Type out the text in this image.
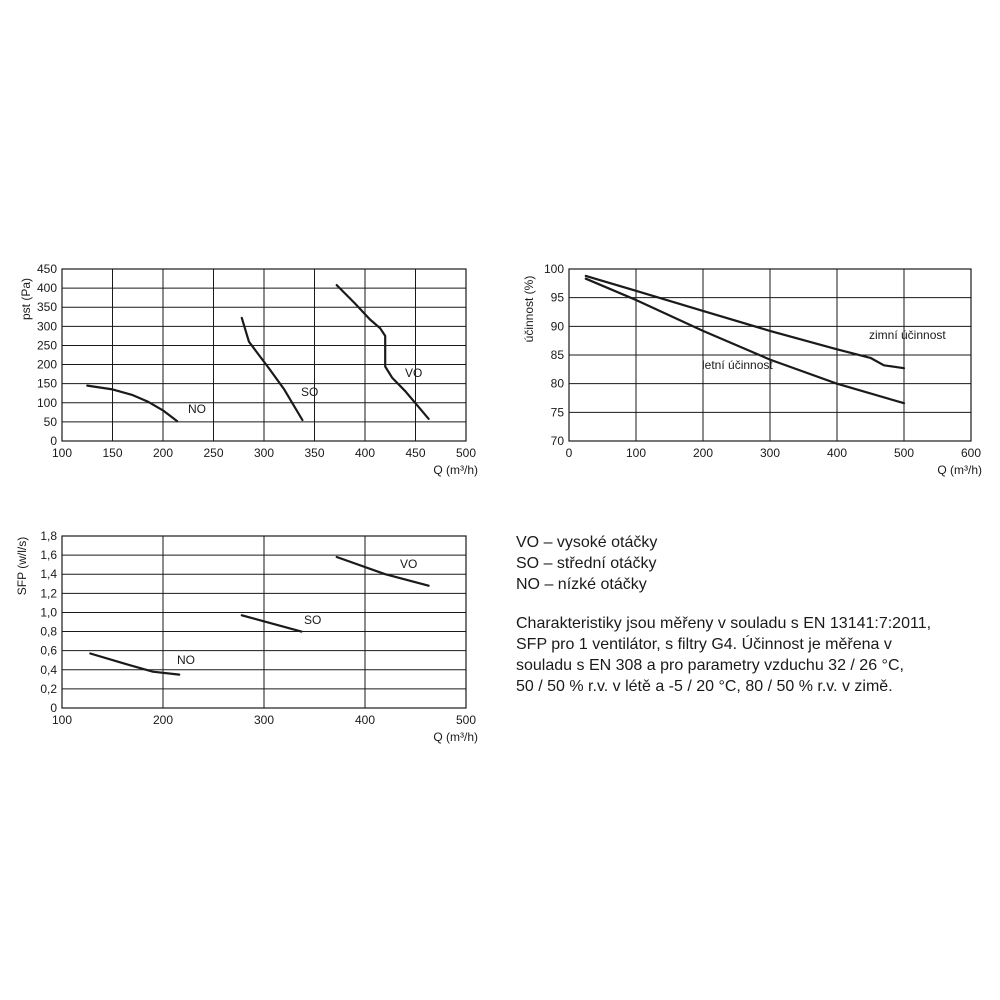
100	150	200	250	300	350	400	450	500
0
50
100
150
200
250
300
350
400
450
Q (m³/h)
pst (Pa)
NO
SO
VO
0	100	200	300	400	500	600
70
75
80
85
90
95
100
Q (m³/h)
účinnost (%)	zimní účinnost
letní účinnost
100	200	300	400	500
0
0,2
0,4
0,6
0,8
1,0
1,2
1,4
1,6
1,8
Q (m³/h)
SFP (w/l/s)
NO
SO
VO
VO – vysoké otáčky
SO – střední otáčky
NO – nízké otáčky
Charakteristiky jsou měřeny v souladu s EN 13141:7:2011,
SFP pro 1 ventilátor, s filtry G4. Účinnost je měřena v
souladu s EN 308 a pro parametry vzduchu 32 / 26 °C,
50 / 50 % r.v. v létě a -5 / 20 °C, 80 / 50 % r.v. v zimě.
